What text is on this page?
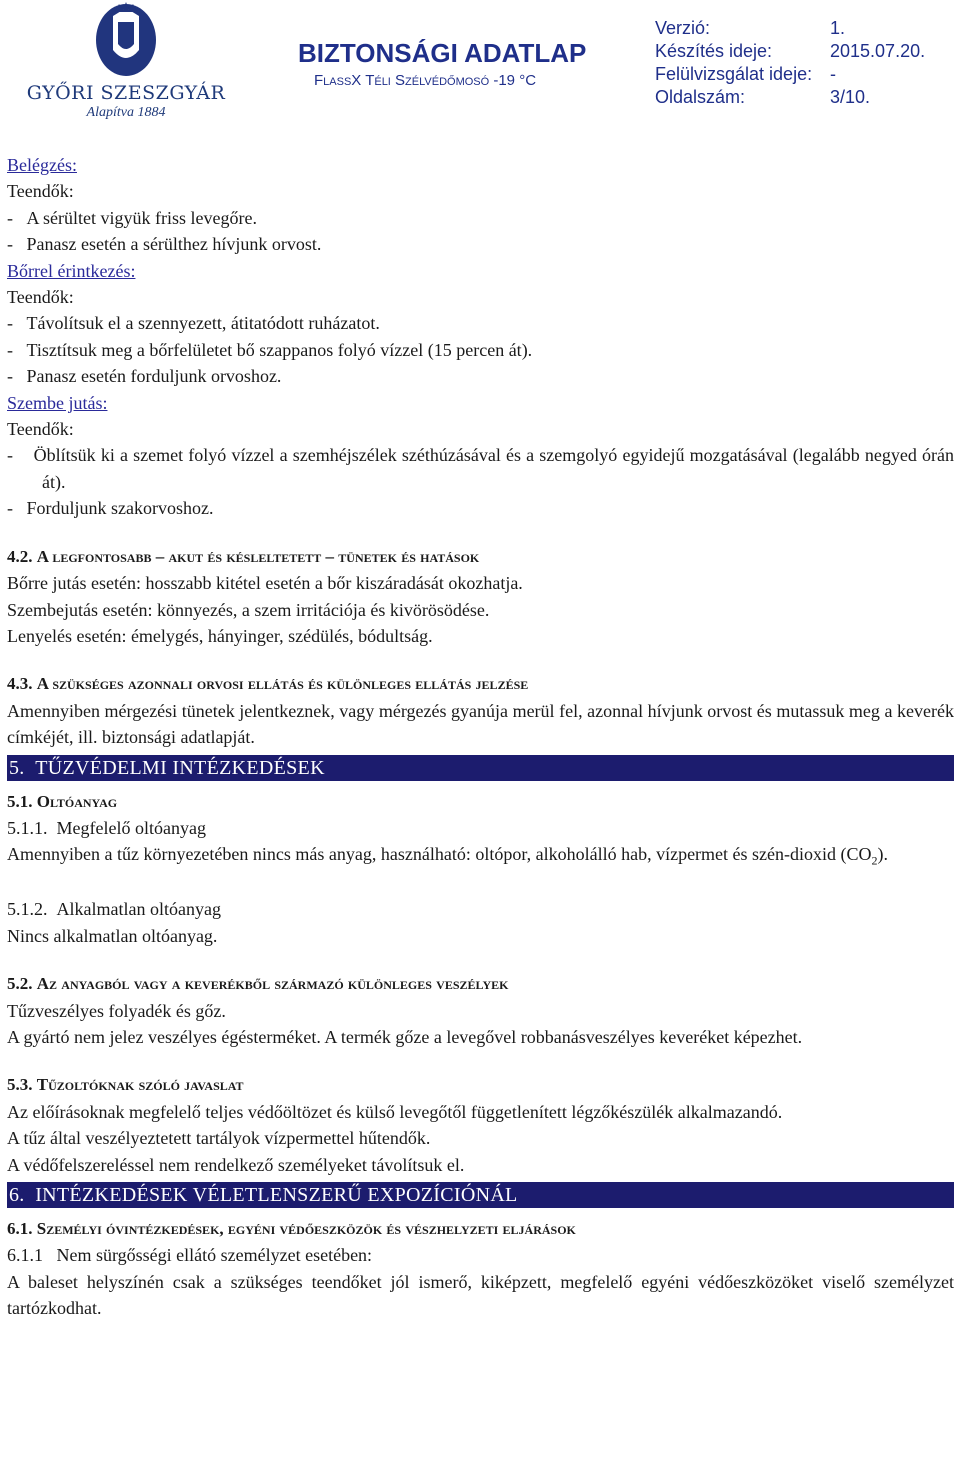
GYŐRI SZESZGYÁR
Alapítva 1884
BIZTONSÁGI ADATLAP
FlassX Téli Szélvédőmosó -19 °C
Verzió:	1.
Készítés ideje:	2015.07.20.
Felülvizsgálat ideje: -
Oldalszám:	3/10.
Belégzés:
Teendők:
-   A sérültet vigyük friss levegőre.
-   Panasz esetén a sérülthez hívjunk orvost.
Bőrrel érintkezés:
Teendők:
-   Távolítsuk el a szennyezett, átitatódott ruházatot.
-   Tisztítsuk meg a bőrfelületet bő szappanos folyó vízzel (15 percen át).
-   Panasz esetén forduljunk orvoshoz.
Szembe jutás:
Teendők:
-    Öblítsük ki a szemet folyó vízzel a szemhéjszélek széthúzásával és a szemgolyó egyidejű mozgatásával (legalább negyed órán át).
-   Forduljunk szakorvoshoz.
4.2. A legfontosabb – akut és késleltetett – tünetek és hatások
Bőrre jutás esetén: hosszabb kitétel esetén a bőr kiszáradását okozhatja.
Szembejutás esetén: könnyezés, a szem irritációja és kivörösödése.
Lenyelés esetén: émelygés, hányinger, szédülés, bódultság.
4.3. A szükséges azonnali orvosi ellátás és különleges ellátás jelzése
Amennyiben mérgezési tünetek jelentkeznek, vagy mérgezés gyanúja merül fel, azonnal hívjunk orvost és mutassuk meg a keverék címkéjét, ill. biztonsági adatlapját.
5.  TŰZVÉDELMI INTÉZKEDÉSEK
5.1. Oltóanyag
5.1.1.  Megfelelő oltóanyag
Amennyiben a tűz környezetében nincs más anyag, használható: oltópor, alkoholálló hab, vízpermet és szén-dioxid $(CO_2)$.
5.1.2.  Alkalmatlan oltóanyag
Nincs alkalmatlan oltóanyag.
5.2. Az anyagból vagy a keverékből származó különleges veszélyek
Tűzveszélyes folyadék és gőz.
A gyártó nem jelez veszélyes égésterméket. A termék gőze a levegővel robbanásveszélyes keveréket képezhet.
5.3. Tűzoltóknak szóló javaslat
Az előírásoknak megfelelő teljes védőöltözet és külső levegőtől függetlenített légzőkészülék alkalmazandó.
A tűz által veszélyeztetett tartályok vízpermettel hűtendők.
A védőfelszereléssel nem rendelkező személyeket távolítsuk el.
6.  INTÉZKEDÉSEK VÉLETLENSZERŰ EXPOZÍCIÓNÁL
6.1. Személyi óvintézkedések, egyéni védőeszközök és vészhelyzeti eljárások
6.1.1   Nem sürgősségi ellátó személyzet esetében:
A baleset helyszínén csak a szükséges teendőket jól ismerő, kiképzett, megfelelő egyéni védőeszközöket viselő személyzet tartózkodhat.
